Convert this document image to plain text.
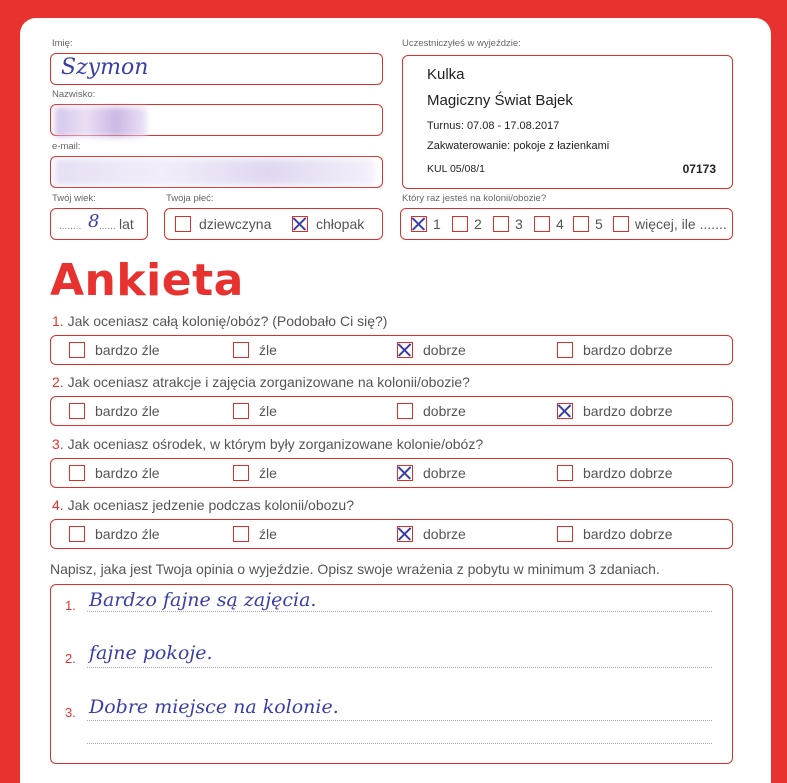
Imię:
Szymon
Nazwisko:
e-mail:
Twój wiek:
........ 8 ...... lat
Twoja płeć:
dziewczyna	chłopak
Uczestniczyłeś w wyjeździe:
Kulka
Magiczny Świat Bajek
Turnus: 07.08 - 17.08.2017
Zakwaterowanie: pokoje z łazienkami
KUL 05/08/1	07173
Który raz jesteś na kolonii/obozie?
1 2 3 4 5 więcej, ile .......
Ankieta
1. Jak oceniasz całą kolonię/obóz? (Podobało Ci się?)
bardzo źle	źle	dobrze	bardzo dobrze
2. Jak oceniasz atrakcje i zajęcia zorganizowane na kolonii/obozie?
bardzo źle	źle	dobrze	bardzo dobrze
3. Jak oceniasz ośrodek, w którym były zorganizowane kolonie/obóz?
bardzo źle	źle	dobrze	bardzo dobrze
4. Jak oceniasz jedzenie podczas kolonii/obozu?
bardzo źle	źle	dobrze	bardzo dobrze
Napisz, jaka jest Twoja opinia o wyjeździe. Opisz swoje wrażenia z pobytu w minimum 3 zdaniach.
1. Bardzo fajne są zajęcia.
2. fajne pokoje.
3. Dobre miejsce na kolonie.
